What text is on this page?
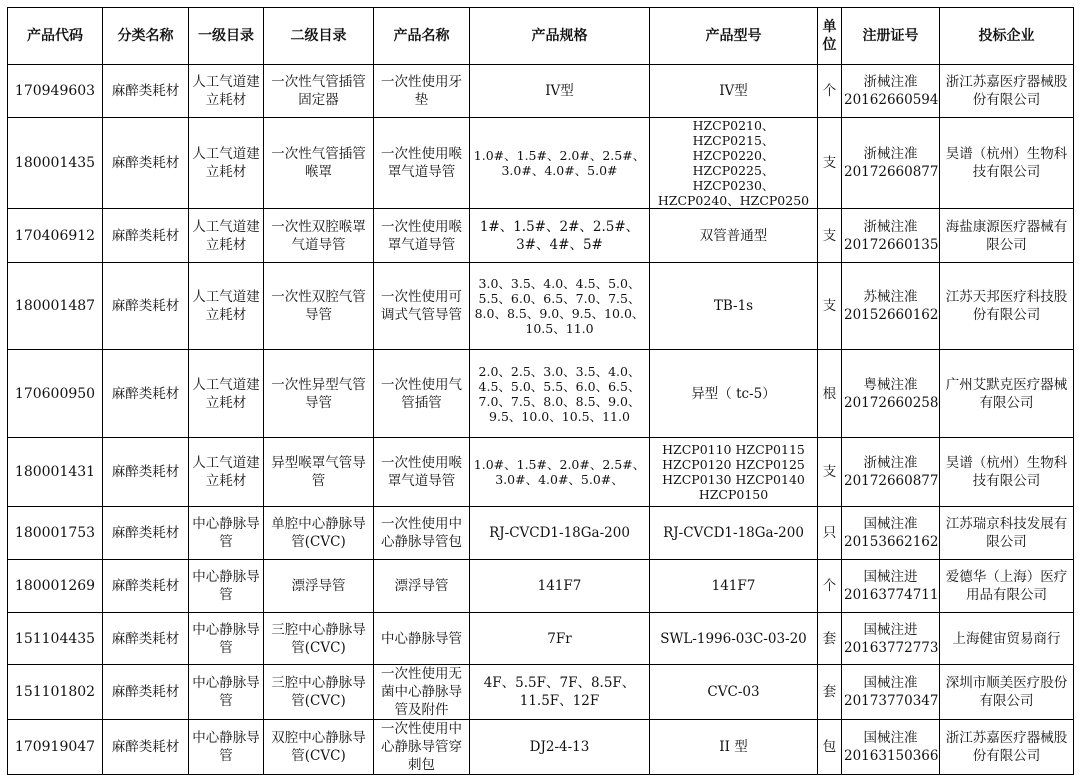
产品代码	分类名称	一级目录	二级目录	产品名称	产品规格	产品型号	单位	注册证号	投标企业
170949603	麻醉类耗材	人工气道建立耗材	一次性气管插管固定器	一次性使用牙垫	IV型	IV型	个	浙械注准20162660594	浙江苏嘉医疗器械股份有限公司
180001435	麻醉类耗材	人工气道建立耗材	一次性气管插管喉罩	一次性使用喉罩气道导管	1.0#、1.5#、2.0#、2.5#、3.0#、4.0#、5.0#	HZCP0210、HZCP0215、HZCP0220、HZCP0225、HZCP0230、HZCP0240、HZCP0250	支	浙械注准20172660877	昊谱（杭州）生物科技有限公司
170406912	麻醉类耗材	人工气道建立耗材	一次性双腔喉罩气道导管	一次性使用喉罩气道导管	1#、1.5#、2#、2.5#、3#、4#、5#	双管普通型	支	浙械注准20172660135	海盐康源医疗器械有限公司
180001487	麻醉类耗材	人工气道建立耗材	一次性双腔气管导管	一次性使用可调式气管导管	3.0、3.5、4.0、4.5、5.0、5.5、6.0、6.5、7.0、7.5、8.0、8.5、9.0、9.5、10.0、10.5、11.0	TB-1s	支	苏械注准20152660162	江苏天邦医疗科技股份有限公司
170600950	麻醉类耗材	人工气道建立耗材	一次性异型气管导管	一次性使用气管插管	2.0、2.5、3.0、3.5、4.0、4.5、5.0、5.5、6.0、6.5、7.0、7.5、8.0、8.5、9.0、9.5、10.0、10.5、11.0	异型（ tc-5）	根	粤械注准20172660258	广州艾默克医疗器械有限公司
180001431	麻醉类耗材	人工气道建立耗材	异型喉罩气管导管	一次性使用喉罩气道导管	1.0#、1.5#、2.0#、2.5#、3.0#、4.0#、5.0#、	HZCP0110 HZCP0115 HZCP0120 HZCP0125 HZCP0130 HZCP0140 HZCP0150	支	浙械注准20172660877	昊谱（杭州）生物科技有限公司
180001753	麻醉类耗材	中心静脉导管	单腔中心静脉导管(CVC)	一次性使用中心静脉导管包	RJ-CVCD1-18Ga-200	RJ-CVCD1-18Ga-200	只	国械注准20153662162	江苏瑞京科技发展有限公司
180001269	麻醉类耗材	中心静脉导管	漂浮导管	漂浮导管	141F7	141F7	个	国械注进20163774711	爱德华（上海）医疗用品有限公司
151104435	麻醉类耗材	中心静脉导管	三腔中心静脉导管(CVC)	中心静脉导管	7Fr	SWL-1996-03C-03-20	套	国械注进20163772773	上海健宙贸易商行
151101802	麻醉类耗材	中心静脉导管	三腔中心静脉导管(CVC)	一次性使用无菌中心静脉导管及附件	4F、5.5F、7F、8.5F、11.5F、12F	CVC-03	套	国械注准20173770347	深圳市顺美医疗股份有限公司
170919047	麻醉类耗材	中心静脉导管	双腔中心静脉导管(CVC)	一次性使用中心静脉导管穿刺包	DJ2-4-13	II 型	包	国械注准20163150366	浙江苏嘉医疗器械股份有限公司
